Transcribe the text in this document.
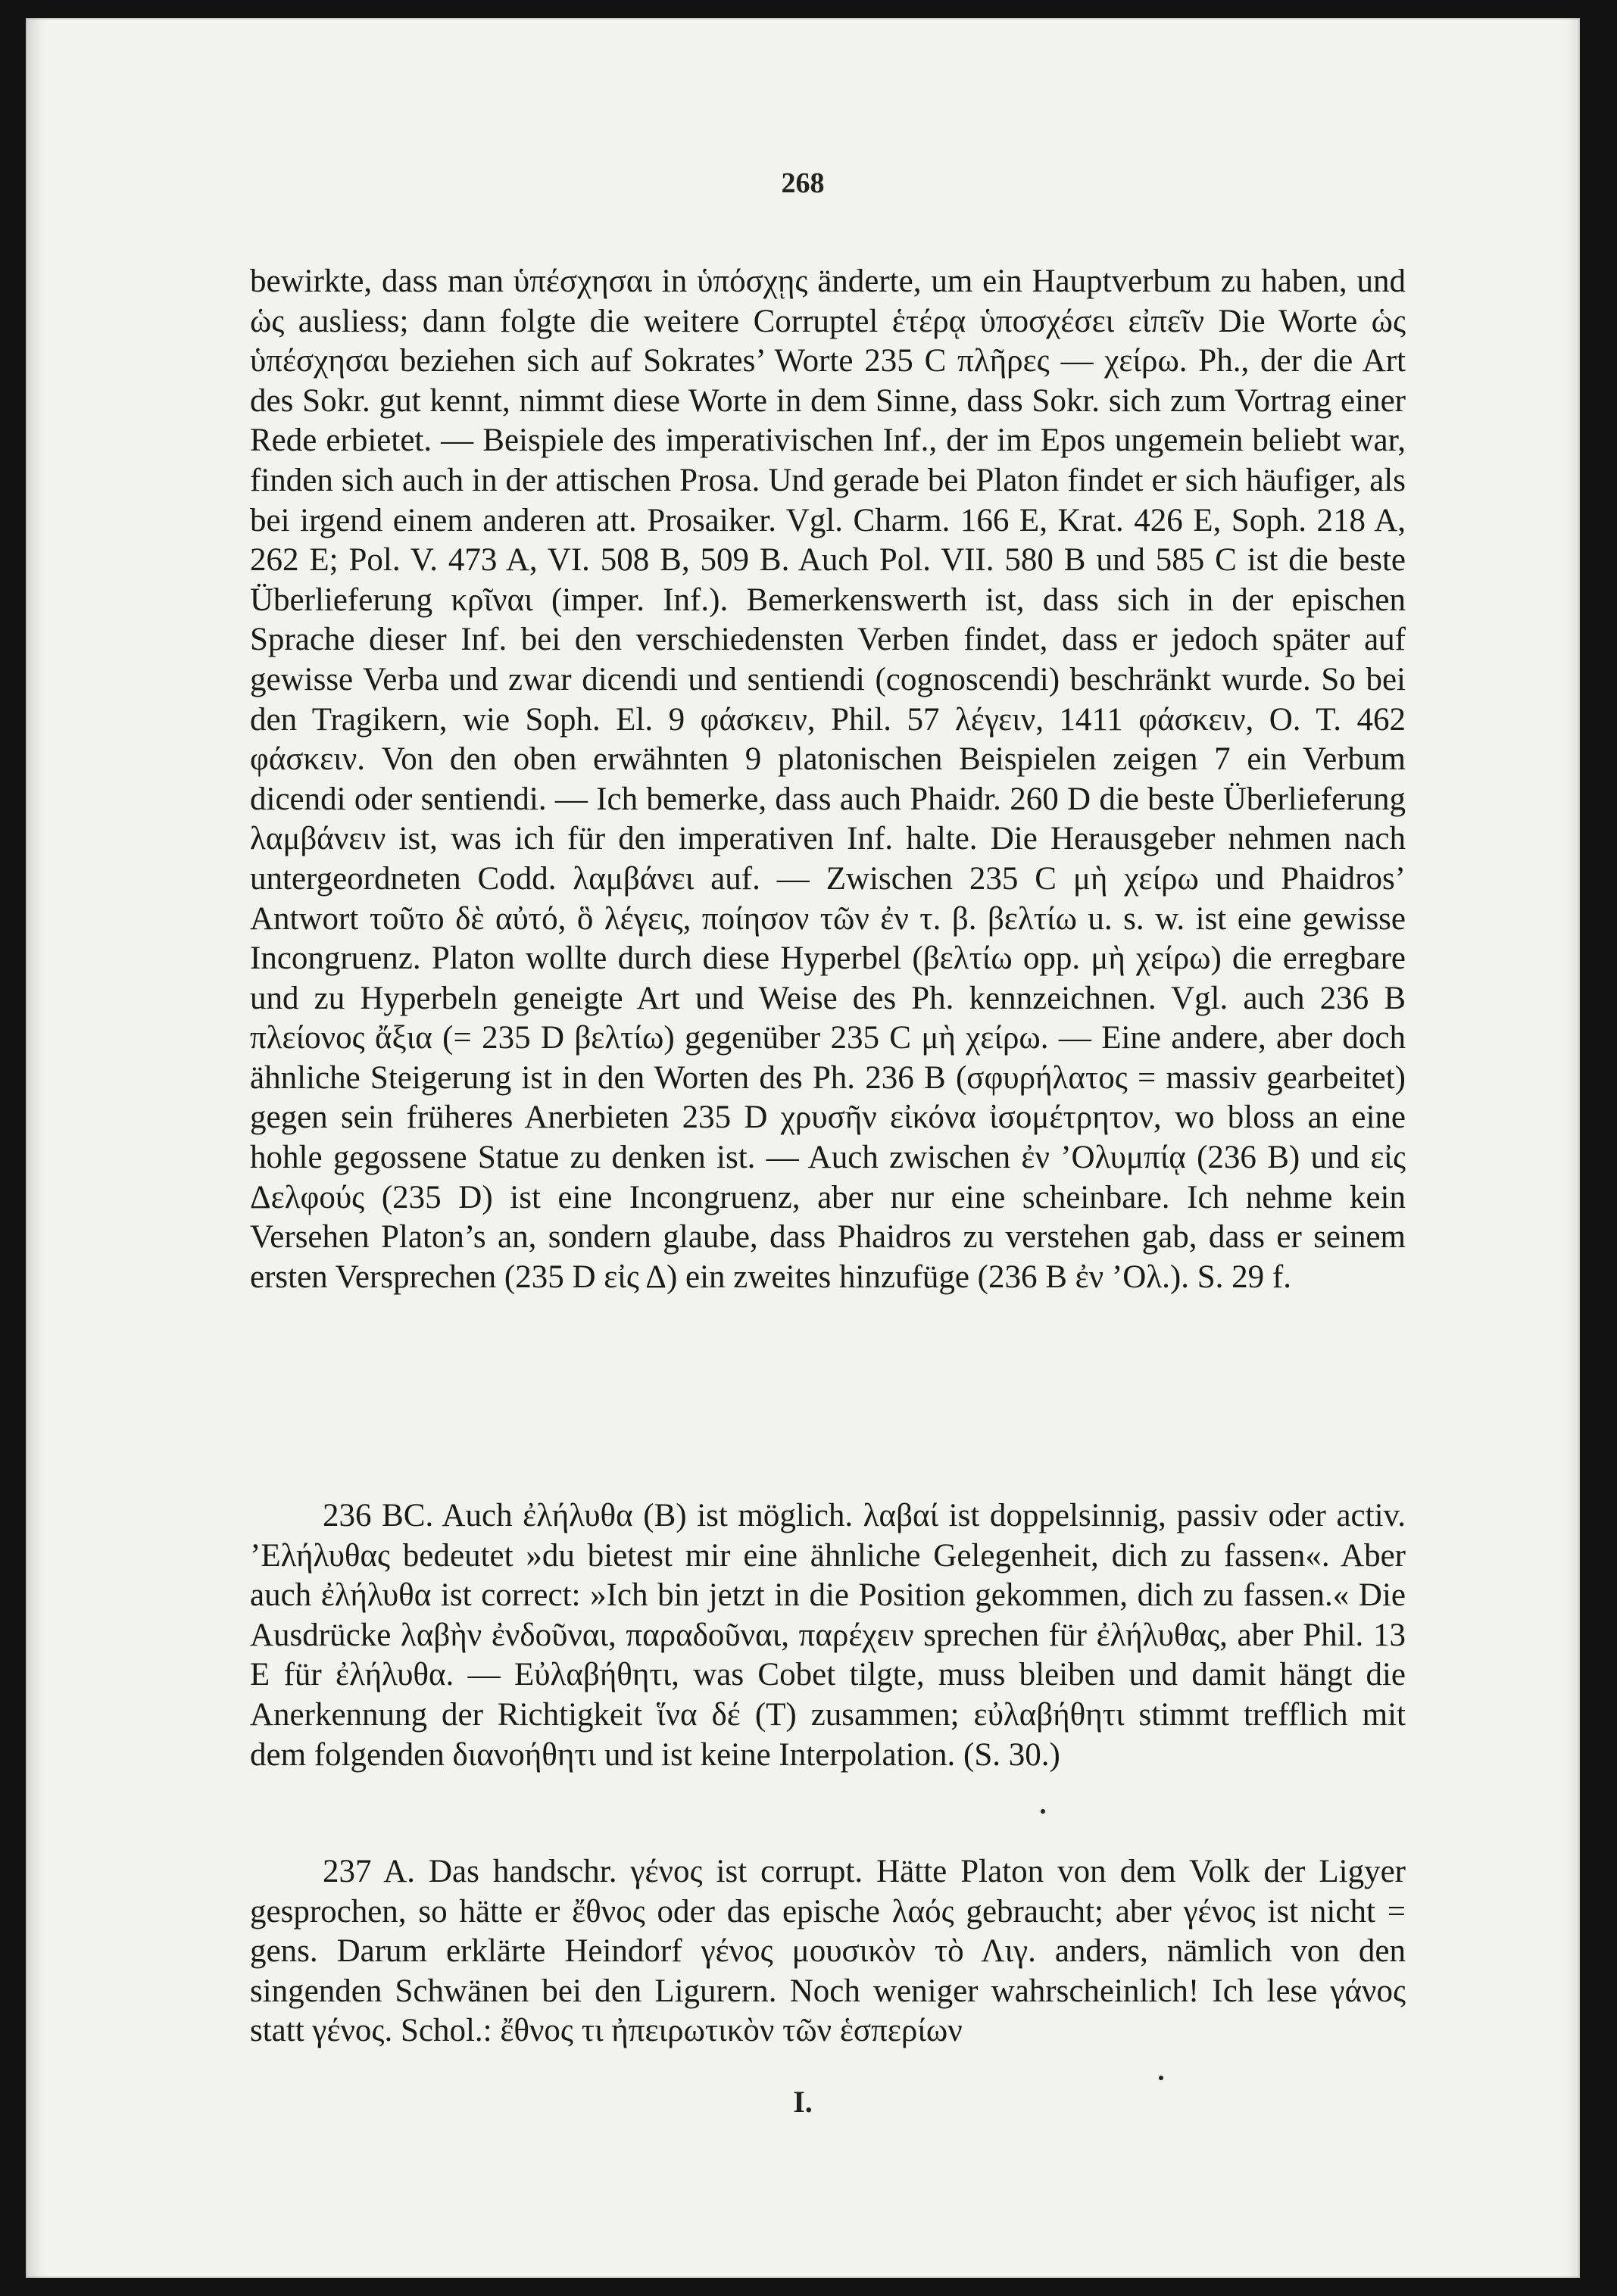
268

bewirkte, dass man ὑπέσχησαι in ὑπόσχῃς änderte, um ein Hauptverbum zu haben, und ὡς ausliess; dann folgte die weitere Corruptel ἑτέρᾳ ὑποσχέσει εἰπεῖν Die Worte ὡς ὑπέσχησαι beziehen sich auf Sokrates’ Worte 235 C πλῆρες — χείρω. Ph., der die Art des Sokr. gut kennt, nimmt diese Worte in dem Sinne, dass Sokr. sich zum Vortrag einer Rede erbietet. — Beispiele des imperativischen Inf., der im Epos ungemein beliebt war, finden sich auch in der attischen Prosa. Und gerade bei Platon findet er sich häufiger, als bei irgend einem anderen att. Prosaiker. Vgl. Charm. 166 E, Krat. 426 E, Soph. 218 A, 262 E; Pol. V. 473 A, VI. 508 B, 509 B. Auch Pol. VII. 580 B und 585 C ist die beste Überlieferung κρῖναι (imper. Inf.). Bemerkenswerth ist, dass sich in der epischen Sprache dieser Inf. bei den verschiedensten Verben findet, dass er jedoch später auf gewisse Verba und zwar dicendi und sentiendi (cognoscendi) beschränkt wurde. So bei den Tragikern, wie Soph. El. 9 φάσκειν, Phil. 57 λέγειν, 1411 φάσκειν, O. T. 462 φάσκειν. Von den oben erwähnten 9 platonischen Beispielen zeigen 7 ein Verbum dicendi oder sentiendi. — Ich bemerke, dass auch Phaidr. 260 D die beste Überlieferung λαμβάνειν ist, was ich für den imperativen Inf. halte. Die Herausgeber nehmen nach untergeordneten Codd. λαμβάνει auf. — Zwischen 235 C μὴ χείρω und Phaidros’ Antwort τοῦτο δὲ αὐτό, ὃ λέγεις, ποίησον τῶν ἐν τ. β. βελτίω u. s. w. ist eine gewisse Incongruenz. Platon wollte durch diese Hyperbel (βελτίω opp. μὴ χείρω) die erregbare und zu Hyperbeln geneigte Art und Weise des Ph. kennzeichnen. Vgl. auch 236 B πλείονος ἄξια (= 235 D βελτίω) gegenüber 235 C μὴ χείρω. — Eine andere, aber doch ähnliche Steigerung ist in den Worten des Ph. 236 B (σφυρήλατος = massiv gearbeitet) gegen sein früheres Anerbieten 235 D χρυσῆν εἰκόνα ἰσομέτρητον, wo bloss an eine hohle gegossene Statue zu denken ist. — Auch zwischen ἐν ’Ολυμπίᾳ (236 B) und εἰς Δελφούς (235 D) ist eine Incongruenz, aber nur eine scheinbare. Ich nehme kein Versehen Platon’s an, sondern glaube, dass Phaidros zu verstehen gab, dass er seinem ersten Versprechen (235 D εἰς Δ) ein zweites hinzufüge (236 B ἐν ’Ολ.). S. 29 f.

236 BC. Auch ἐλήλυθα (B) ist möglich. λαβαί ist doppelsinnig, passiv oder activ. ’Ελήλυθας bedeutet »du bietest mir eine ähnliche Gelegenheit, dich zu fassen«. Aber auch ἐλήλυθα ist correct: »Ich bin jetzt in die Position gekommen, dich zu fassen.« Die Ausdrücke λαβὴν ἐνδοῦναι, παραδοῦναι, παρέχειν sprechen für ἐλήλυθας, aber Phil. 13 E für ἐλήλυθα. — Εὐλαβήθητι, was Cobet tilgte, muss bleiben und damit hängt die Anerkennung der Richtigkeit ἵνα δέ (T) zusammen; εὐλαβήθητι stimmt trefflich mit dem folgenden διανοήθητι und ist keine Interpolation. (S. 30.)

237 A. Das handschr. γένος ist corrupt. Hätte Platon von dem Volk der Ligyer gesprochen, so hätte er ἔθνος oder das epische λαός gebraucht; aber γένος ist nicht = gens. Darum erklärte Heindorf γένος μουσικὸν τὸ Λιγ. anders, nämlich von den singenden Schwänen bei den Ligurern. Noch weniger wahrscheinlich! Ich lese γάνος statt γένος. Schol.: ἔθνος τι ἠπειρωτικὸν τῶν ἑσπερίων

I.
